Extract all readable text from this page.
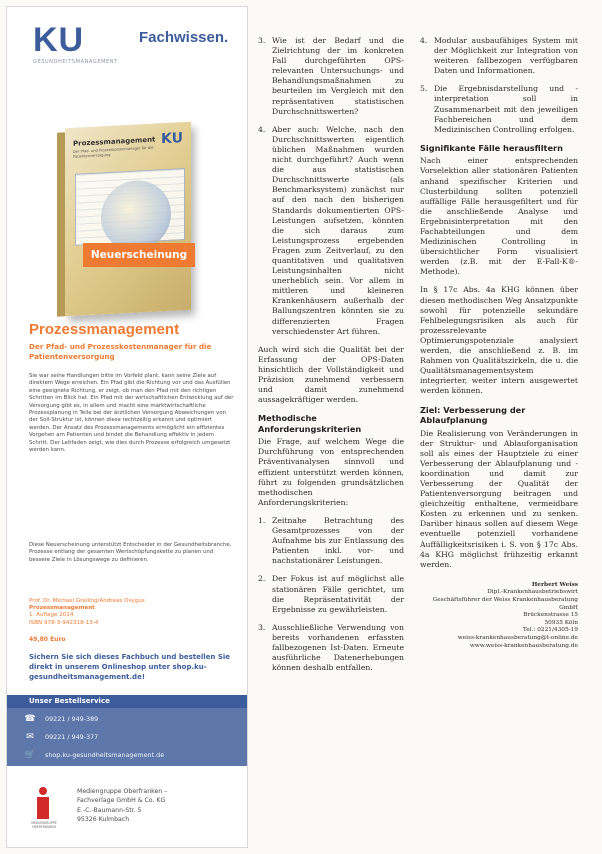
KU
GESUNDHEITSMANAGEMENT
Fachwissen.
Prozessmanagement
Der Pfad- und Prozesskostenmanager für die Patientenversorgung
KU
Neuerscheinung
Prozessmanagement
Der Pfad- und Prozesskostenmanager für die Patientenversorgung
Sie war seine Handlungen bitte im Vorfeld plant, kann seine Ziele auf direktem Wege erreichen. Ein Pfad gibt die Richtung vor und das Ausfüllen eine geeignete Richtung, er zeigt, ob man den Pfad mit den richtigen Schritten im Blick hat. Ein Pfad mit der wirtschaftlichen Entwicklung auf der Versorgung gibt es, in allem und macht eine marktwirtschaftliche Prozessplanung in Teile bei der ärztlichen Versorgung Abweichungen von der Soll-Struktur ist, können diese rechtzeitig erkannt und optimiert werden. Der Ansatz des Prozessmanagements ermöglicht ein effizientes Vorgehen am Patienten und bindet die Behandlung effektiv in jedem Schritt. Der Leitfaden zeigt, wie dies durch Prozesse erfolgreich umgesetzt werden kann.
Diese Neuerscheinung unterstützt Entscheider in der Gesundheitsbranche, Prozesse entlang der gesamten Wertschöpfungskette zu planen und bessere Ziele in Lösungswege zu definieren.
Prof. Dr. Michael Greiling/Andreas Osygus
Prozessmanagement
1. Auflage 2014
ISBN 978-3-942318-13-4
49,80 Euro
Sichern Sie sich dieses Fachbuch und bestellen Sie direkt in unserem Onlineshop unter shop.ku-gesundheitsmanagement.de!
Unser Bestellservice
☎ 09221 / 949-389
✉	09221 / 949-377
🛒 shop.ku-gesundheitsmanagement.de
MEDIENGRUPPE OBERFRANKEN
Mediengruppe Oberfranken –
Fachverlage GmbH & Co. KG
E.-C.-Baumann-Str. 5
95326 Kulmbach
3. Wie ist der Bedarf und die Zielrichtung der im konkreten Fall durchgeführten OPS-relevanten Untersuchungs- und Behandlungsmaßnahmen zu beurteilen im Vergleich mit den repräsentativen statistischen Durchschnittswerten?
4. Aber auch: Welche, nach den Durchschnittswerten eigentlich üblichen Maßnahmen wurden nicht durchgeführt? Auch wenn die aus statistischen Durchschnittswerte (als Benchmarksystem) zunächst nur auf den nach den bisherigen Standards dokumentierten OPS-Leistungen aufsetzen, könnten die sich daraus zum Leistungsprozess ergebenden Fragen zum Zeitverlauf, zu den quantitativen und qualitativen Leistungsinhalten nicht unerheblich sein. Vor allem in mittleren und kleineren Krankenhäusern außerhalb der Ballungszentren könnten sie zu differenzierten Fragen verschiedenster Art führen.

Auch wird sich die Qualität bei der Erfassung der OPS-Daten hinsichtlich der Vollständigkeit und Präzision zunehmend verbessern und damit zunehmend aussagekräftiger werden.

Methodische Anforderungskriterien

Die Frage, auf welchem Wege die Durchführung von entsprechenden Präventivanalysen sinnvoll und effizient unterstützt werden können, führt zu folgenden grundsätzlichen methodischen Anforderungskriterien:

1. Zeitnahe Betrachtung des Gesamtprozesses von der Aufnahme bis zur Entlassung des Patienten inkl. vor- und nachstationärer Leistungen.
2. Der Fokus ist auf möglichst alle stationären Fälle gerichtet, um die Repräsentativität der Ergebnisse zu gewährleisten.
3. Ausschließliche Verwendung von bereits vorhandenen erfassten fallbezogenen Ist-Daten. Erneute ausführliche Datenerhebungen können deshalb entfallen.
4. Modular ausbaufähiges System mit der Möglichkeit zur Integration von weiteren fallbezogen verfügbaren Daten und Informationen.
5. Die Ergebnisdarstellung und -interpretation soll in Zusammenarbeit mit den jeweiligen Fachbereichen und dem Medizinischen Controlling erfolgen.
Signifikante Fälle herausfiltern

Nach einer entsprechenden Vorselektion aller stationären Patienten anhand spezifischer Kriterien und Clusterbildung sollten potenziell auffällige Fälle herausgefiltert und für die anschließende Analyse und Ergebnisinterpretation mit den Fachabteilungen und dem Medizinischen Controlling in übersichtlicher Form visualisiert werden (z.B. mit der E-Fall-K®-Methode).

In § 17c Abs. 4a KHG können über diesen methodischen Weg Ansatzpunkte sowohl für potenzielle sekundäre Fehlbelegungsrisiken als auch für prozessrelevante Optimierungspotenziale analysiert werden, die anschließend z. B. im Rahmen von Qualitätszirkeln, die u. die Qualitätsmanagementsystem integrierter, weiter intern ausgewertet werden können.

Ziel: Verbesserung der Ablaufplanung

Die Realisierung von Veränderungen in der Struktur- und Ablauforganisation soll als eines der Hauptziele zu einer Verbesserung der Ablaufplanung und -koordination und damit zur Verbesserung der Qualität der Patientenversorgung beitragen und gleichzeitig enthaltene, vermeidbare Kosten zu erkennen und zu senken. Darüber hinaus sollen auf diesem Wege eventuelle potenziell vorhandene Auffälligkeitsrisiken i. S. von § 17c Abs. 4a KHG möglichst frühzeitig erkannt werden.

Herbert Weiss
Dipl.-Krankenhausbetriebswirt
Geschäftsführer der Weiss Krankenhausberatung GmbH
Brückenstrasse 15
50935 Köln
Tel.: 0221/4305-19
weiss-krankenhausberatung@t-online.de
www.weiss-krankenhausberatung.de
